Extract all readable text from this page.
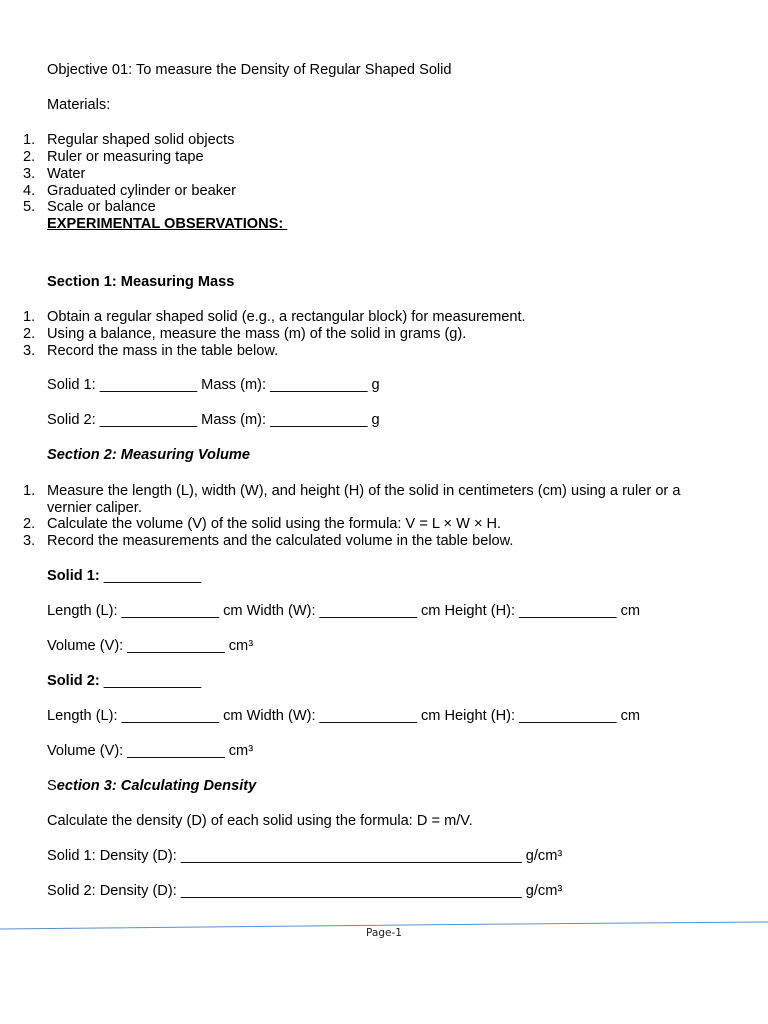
Objective 01: To measure the Density of Regular Shaped Solid
Materials:
1. Regular shaped solid objects
2. Ruler or measuring tape
3. Water
4. Graduated cylinder or beaker
5. Scale or balance
EXPERIMENTAL OBSERVATIONS:
Section 1: Measuring Mass
1. Obtain a regular shaped solid (e.g., a rectangular block) for measurement.
2. Using a balance, measure the mass (m) of the solid in grams (g).
3. Record the mass in the table below.
Solid 1: ____________ Mass (m): ____________ g
Solid 2: ____________ Mass (m): ____________ g
Section 2: Measuring Volume
1. Measure the length (L), width (W), and height (H) of the solid in centimeters (cm) using a ruler or a
vernier caliper.
2. Calculate the volume (V) of the solid using the formula: V = L × W × H.
3. Record the measurements and the calculated volume in the table below.
Solid 1: ____________
Length (L): ____________ cm Width (W): ____________ cm Height (H): ____________ cm
Volume (V): ____________ cm³
Solid 2: ____________
Length (L): ____________ cm Width (W): ____________ cm Height (H): ____________ cm
Volume (V): ____________ cm³
Section 3: Calculating Density
Calculate the density (D) of each solid using the formula: D = m/V.
Solid 1: Density (D): __________________________________________ g/cm³
Solid 2: Density (D): __________________________________________ g/cm³
Page-1
